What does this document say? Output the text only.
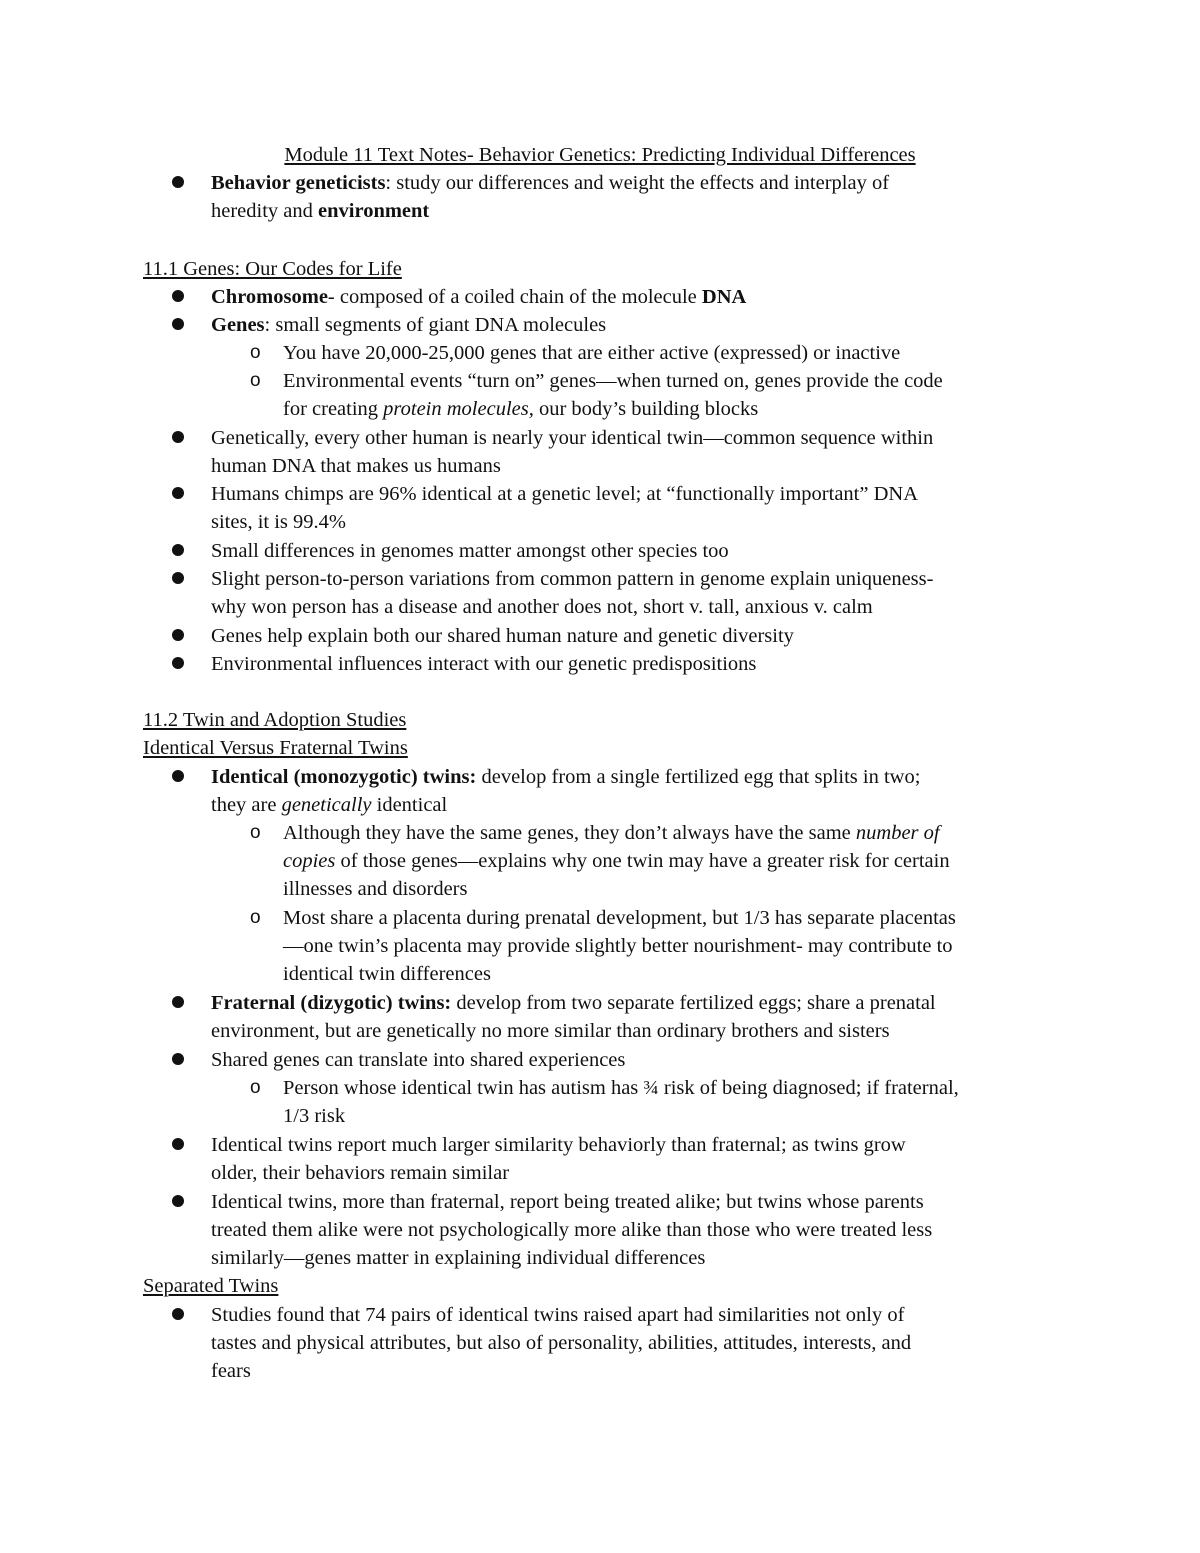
Module 11 Text Notes- Behavior Genetics: Predicting Individual Differences
Behavior geneticists: study our differences and weight the effects and interplay of
heredity and environment
11.1 Genes: Our Codes for Life
Chromosome- composed of a coiled chain of the molecule DNA
Genes: small segments of giant DNA molecules
o You have 20,000-25,000 genes that are either active (expressed) or inactive
o Environmental events “turn on” genes—when turned on, genes provide the code
for creating protein molecules, our body’s building blocks
Genetically, every other human is nearly your identical twin—common sequence within
human DNA that makes us humans
Humans chimps are 96% identical at a genetic level; at “functionally important” DNA
sites, it is 99.4%
Small differences in genomes matter amongst other species too
Slight person-to-person variations from common pattern in genome explain uniqueness-
why won person has a disease and another does not, short v. tall, anxious v. calm
Genes help explain both our shared human nature and genetic diversity
Environmental influences interact with our genetic predispositions
11.2 Twin and Adoption Studies
Identical Versus Fraternal Twins
Identical (monozygotic) twins: develop from a single fertilized egg that splits in two;
they are genetically identical
o Although they have the same genes, they don’t always have the same number of
copies of those genes—explains why one twin may have a greater risk for certain
illnesses and disorders
o Most share a placenta during prenatal development, but 1/3 has separate placentas
—one twin’s placenta may provide slightly better nourishment- may contribute to
identical twin differences
Fraternal (dizygotic) twins: develop from two separate fertilized eggs; share a prenatal
environment, but are genetically no more similar than ordinary brothers and sisters
Shared genes can translate into shared experiences
o Person whose identical twin has autism has ¾ risk of being diagnosed; if fraternal,
1/3 risk
Identical twins report much larger similarity behaviorly than fraternal; as twins grow
older, their behaviors remain similar
Identical twins, more than fraternal, report being treated alike; but twins whose parents
treated them alike were not psychologically more alike than those who were treated less
similarly—genes matter in explaining individual differences
Separated Twins
Studies found that 74 pairs of identical twins raised apart had similarities not only of
tastes and physical attributes, but also of personality, abilities, attitudes, interests, and
fears
